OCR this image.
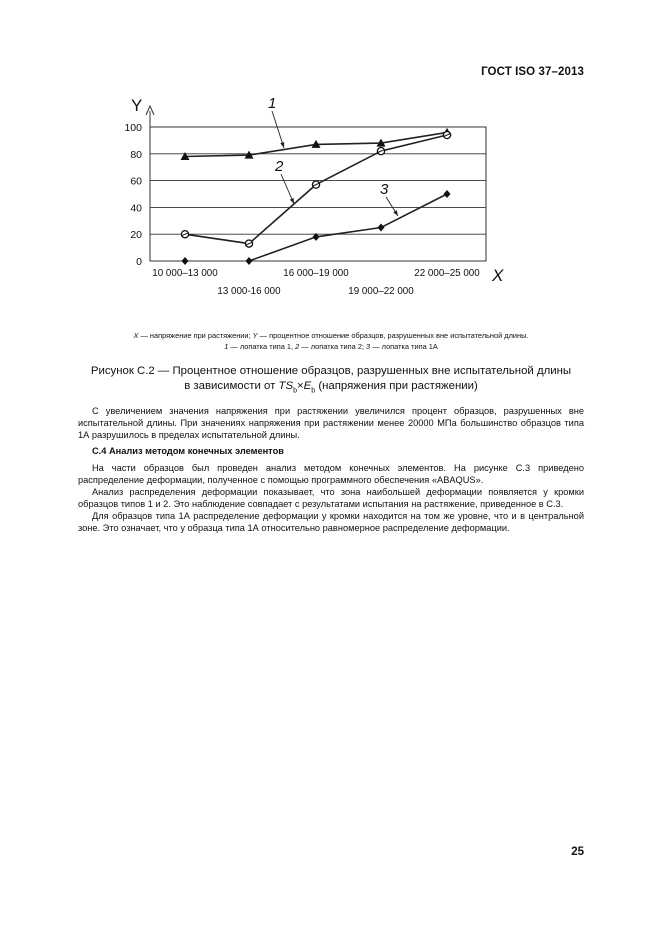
ГОСТ ISO 37–2013
0
20
40
60
80
100
Y
X
10 000–13 000
13 000-16 000
16 000–19 000
19 000–22 000
22 000–25 000
1
2
3
X — напряжение при растяжении; Y — процентное отношение образцов, разрушенных вне испытательной длины.
1 — лопатка типа 1, 2 — лопатка типа 2; 3 — лопатка типа 1А
Рисунок С.2 — Процентное отношение образцов, разрушенных вне испытательной длины
в зависимости от $TS_b\times E_b$ (напряжения при растяжении)

С увеличением значения напряжения при растяжении увеличился процент образцов, разрушенных вне испытательной длины. При значениях напряжения при растяжении менее 20000 МПа большинство образцов типа 1А разрушилось в пределах испытательной длины.

С.4 Анализ методом конечных элементов

На части образцов был проведен анализ методом конечных элементов. На рисунке С.3 приведено распределение деформации, полученное с помощью программного обеспечения «ABAQUS».

Анализ распределения деформации показывает, что зона наибольшей деформации появляется у кромки образцов типов 1 и 2. Это наблюдение совпадает с результатами испытания на растяжение, приведенное в С.3.

Для образцов типа 1А распределение деформации у кромки находится на том же уровне, что и в центральной зоне. Это означает, что у образца типа 1А относительно равномерное распределение деформации.

25
